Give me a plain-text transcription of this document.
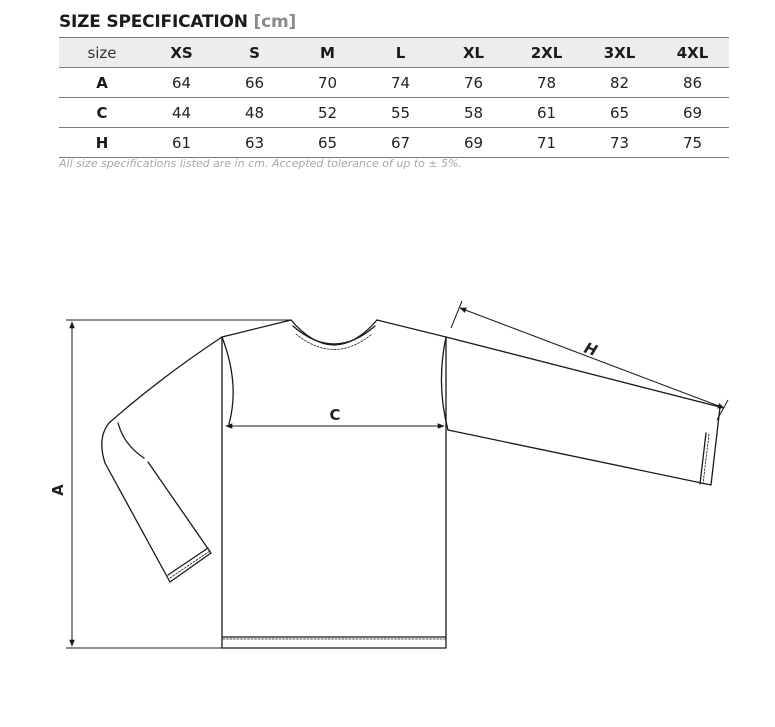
SIZE SPECIFICATION [cm]
size	XS	S	M	L	XL	2XL	3XL	4XL
A	64	66	70	74	76	78	82	86
C	44	48	52	55	58	61	65	69
H	61	63	65	67	69	71	73	75
All size specifications listed are in cm. Accepted tolerance of up to ± 5%.
A
C
H
